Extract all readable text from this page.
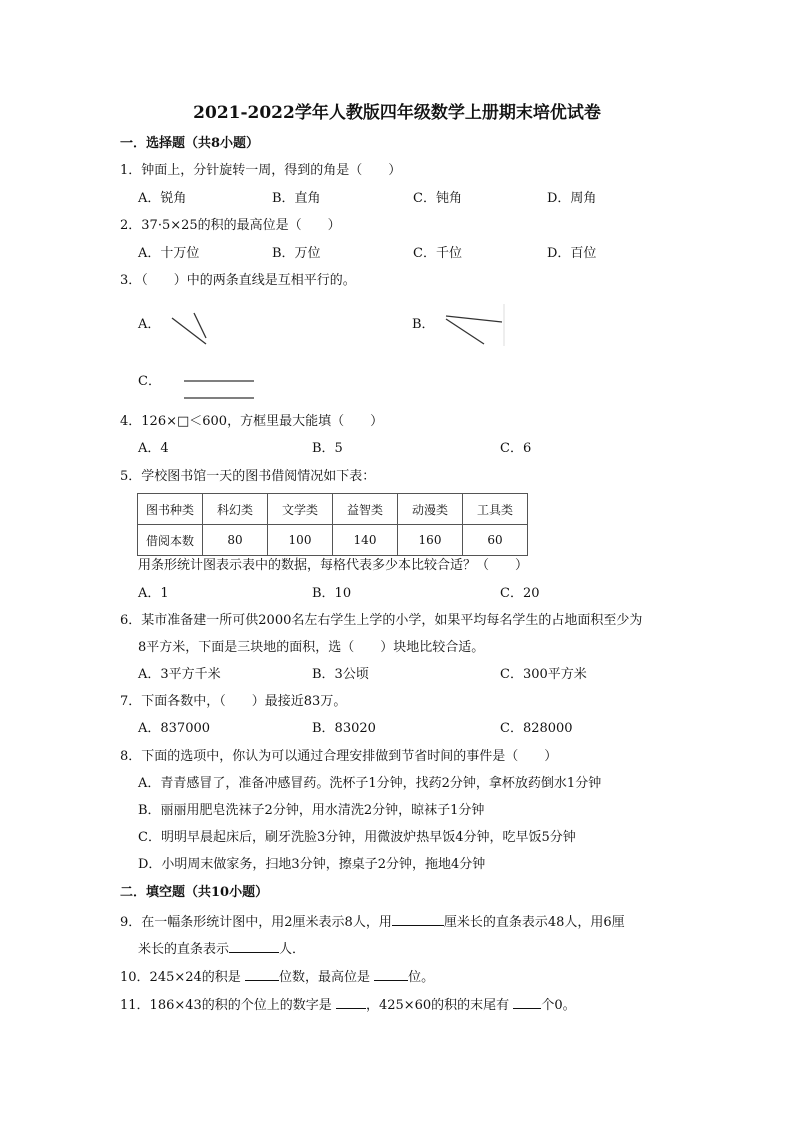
2021-2022学年人教版四年级数学上册期末培优试卷
一．选择题（共8小题）
1．钟面上，分针旋转一周，得到的角是（　　）
A．锐角	B．直角	C．钝角	D．周角
2．37·5×25的积的最高位是（　　）
A．十万位	B．万位	C．千位	D．百位
3．（　　）中的两条直线是互相平行的。
A．	B．
C．
4．126×□＜600，方框里最大能填（　　）
A．4	B．5	C．6
5．学校图书馆一天的图书借阅情况如下表：
图书种类	科幻类	文学类	益智类	动漫类	工具类
借阅本数	80	100	140	160	60
用条形统计图表示表中的数据，每格代表多少本比较合适？（　　）
A．1	B．10	C．20
6．某市准备建一所可供2000名左右学生上学的小学，如果平均每名学生的占地面积至少为
8平方米，下面是三块地的面积，选（　　）块地比较合适。
A．3平方千米	B．3公顷	C．300平方米
7．下面各数中，（　　）最接近83万。
A．837000	B．83020	C．828000
8．下面的选项中，你认为可以通过合理安排做到节省时间的事件是（　　）
A．青青感冒了，准备冲感冒药。洗杯子1分钟，找药2分钟，拿杯放药倒水1分钟
B．丽丽用肥皂洗袜子2分钟，用水清洗2分钟，晾袜子1分钟
C．明明早晨起床后，刷牙洗脸3分钟，用微波炉热早饭4分钟，吃早饭5分钟
D．小明周末做家务，扫地3分钟，擦桌子2分钟，拖地4分钟
二．填空题（共10小题）
9．在一幅条形统计图中，用2厘米表示8人，用	厘米长的直条表示48人，用6厘
米长的直条表示	人．
10．245×24的积是	位数，最高位是	位。
11．186×43的积的个位上的数字是 ，425×60的积的末尾有 个0。
